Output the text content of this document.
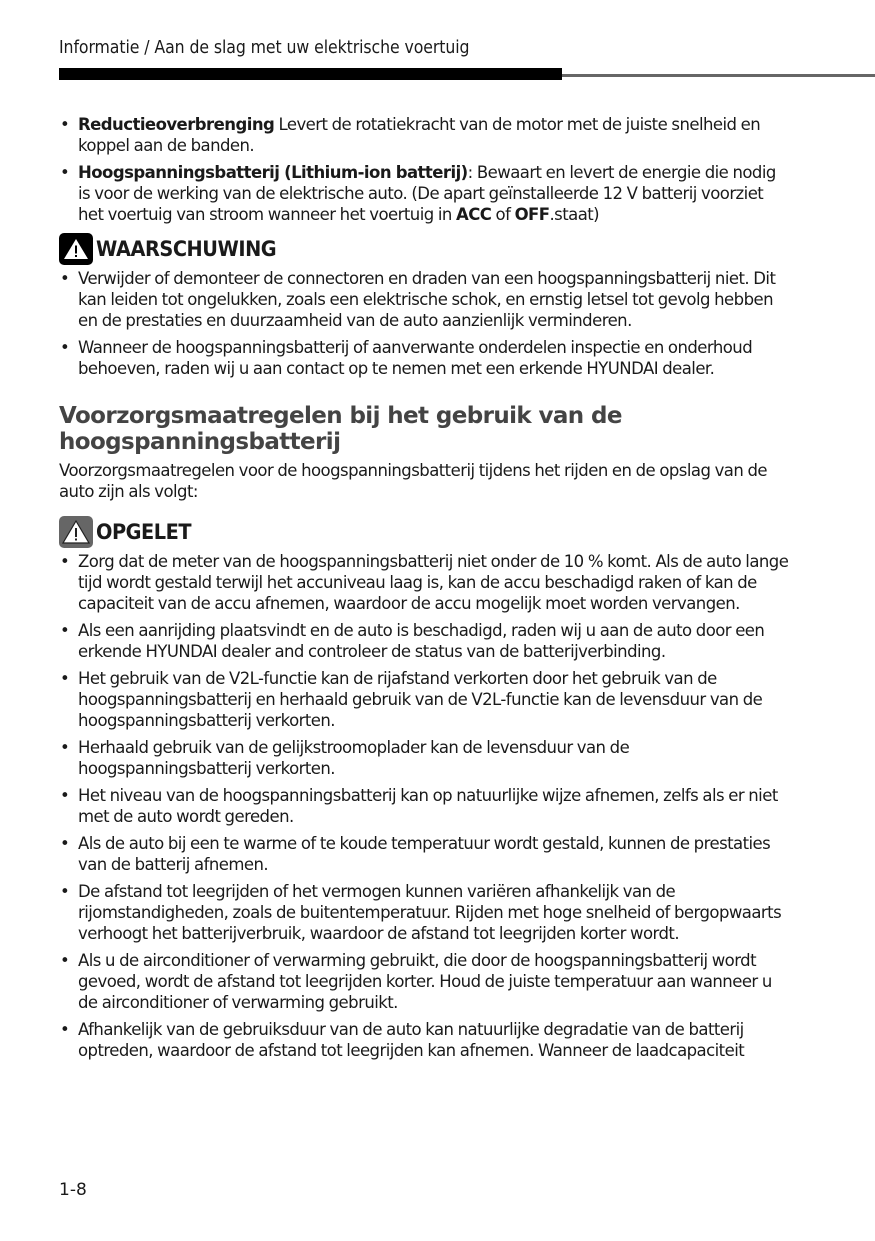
Informatie / Aan de slag met uw elektrische voertuig
• Reductieoverbrenging Levert de rotatiekracht van de motor met de juiste snelheid en koppel aan de banden.
• Hoogspanningsbatterij (Lithium-ion batterij): Bewaart en levert de energie die nodig is voor de werking van de elektrische auto. (De apart geïnstalleerde 12 V batterij voorziet het voertuig van stroom wanneer het voertuig in ACC of OFF.staat)
WAARSCHUWING
• Verwijder of demonteer de connectoren en draden van een hoogspanningsbatterij niet. Dit kan leiden tot ongelukken, zoals een elektrische schok, en ernstig letsel tot gevolg hebben en de prestaties en duurzaamheid van de auto aanzienlijk verminderen.
• Wanneer de hoogspanningsbatterij of aanverwante onderdelen inspectie en onderhoud behoeven, raden wij u aan contact op te nemen met een erkende HYUNDAI dealer.
Voorzorgsmaatregelen bij het gebruik van de hoogspanningsbatterij

Voorzorgsmaatregelen voor de hoogspanningsbatterij tijdens het rijden en de opslag van de auto zijn als volgt:

OPGELET
• Zorg dat de meter van de hoogspanningsbatterij niet onder de 10 % komt. Als de auto lange tijd wordt gestald terwijl het accuniveau laag is, kan de accu beschadigd raken of kan de capaciteit van de accu afnemen, waardoor de accu mogelijk moet worden vervangen.
• Als een aanrijding plaatsvindt en de auto is beschadigd, raden wij u aan de auto door een erkende HYUNDAI dealer and controleer de status van de batterijverbinding.
• Het gebruik van de V2L-functie kan de rijafstand verkorten door het gebruik van de hoogspanningsbatterij en herhaald gebruik van de V2L-functie kan de levensduur van de hoogspanningsbatterij verkorten.
• Herhaald gebruik van de gelijkstroomoplader kan de levensduur van de hoogspanningsbatterij verkorten.
• Het niveau van de hoogspanningsbatterij kan op natuurlijke wijze afnemen, zelfs als er niet met de auto wordt gereden.
• Als de auto bij een te warme of te koude temperatuur wordt gestald, kunnen de prestaties van de batterij afnemen.
• De afstand tot leegrijden of het vermogen kunnen variëren afhankelijk van de rijomstandigheden, zoals de buitentemperatuur. Rijden met hoge snelheid of bergopwaarts verhoogt het batterijverbruik, waardoor de afstand tot leegrijden korter wordt.
• Als u de airconditioner of verwarming gebruikt, die door de hoogspanningsbatterij wordt gevoed, wordt de afstand tot leegrijden korter. Houd de juiste temperatuur aan wanneer u de airconditioner of verwarming gebruikt.
• Afhankelijk van de gebruiksduur van de auto kan natuurlijke degradatie van de batterij optreden, waardoor de afstand tot leegrijden kan afnemen. Wanneer de laadcapaciteit
1-8
